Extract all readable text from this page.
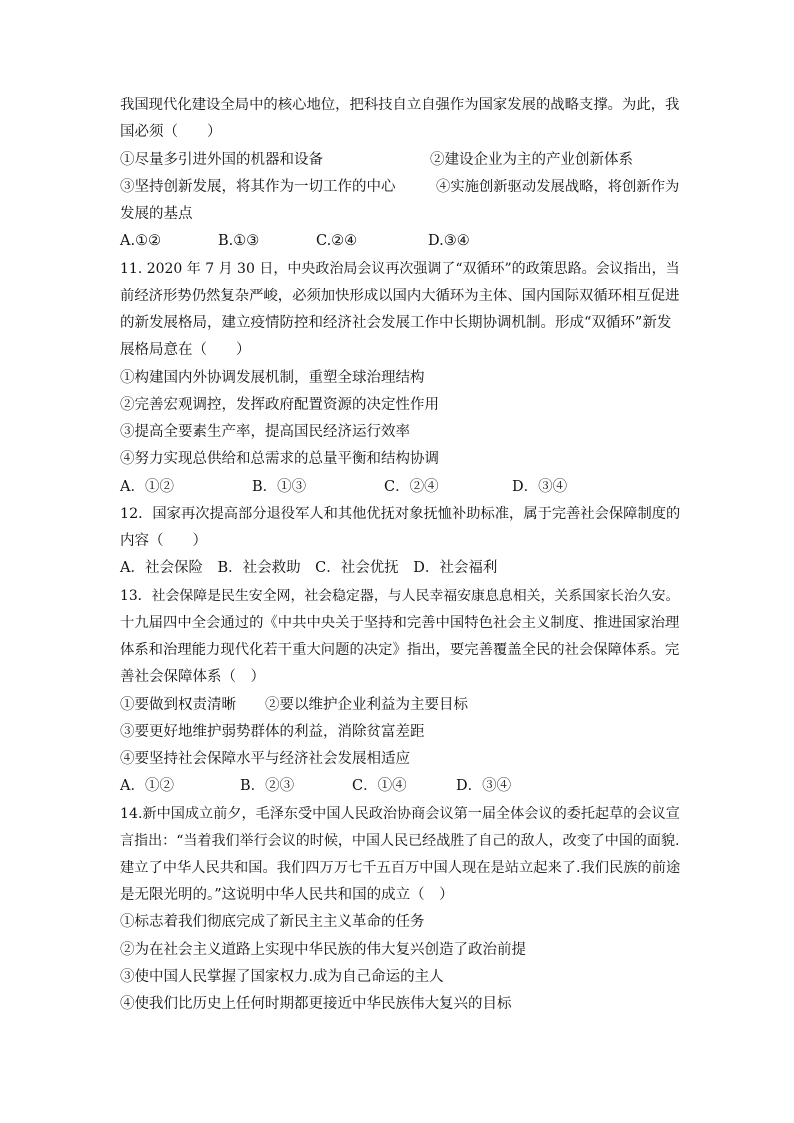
我国现代化建设全局中的核心地位，把科技自立自强作为国家发展的战略支撑。为此，我
国必须（　　）
①尽量多引进外国的机器和设备	②建设企业为主的产业创新体系
③坚持创新发展，将其作为一切工作的中心	④实施创新驱动发展战略，将创新作为
发展的基点
A.①②	B.①③	C.②④	D.③④
11. 2020 年 7 月 30 日，中央政治局会议再次强调了“双循环”的政策思路。会议指出，当
前经济形势仍然复杂严峻，必须加快形成以国内大循环为主体、国内国际双循环相互促进
的新发展格局，建立疫情防控和经济社会发展工作中长期协调机制。形成“双循环”新发
展格局意在（　　）
①构建国内外协调发展机制，重塑全球治理结构
②完善宏观调控，发挥政府配置资源的决定性作用
③提高全要素生产率，提高国民经济运行效率
④努力实现总供给和总需求的总量平衡和结构协调
A．①②	B．①③	C．②④	D．③④
12．国家再次提高部分退役军人和其他优抚对象抚恤补助标准，属于完善社会保障制度的
内容（　　）
A．社会保险　B．社会救助　C．社会优抚　D．社会福利
13．社会保障是民生安全网，社会稳定器，与人民幸福安康息息相关，关系国家长治久安。
十九届四中全会通过的《中共中央关于坚持和完善中国特色社会主义制度、推进国家治理
体系和治理能力现代化若干重大问题的决定》指出，要完善覆盖全民的社会保障体系。完
善社会保障体系（　）
①要做到权责清晰　　②要以维护企业利益为主要目标
③要更好地维护弱势群体的利益，消除贫富差距
④要坚持社会保障水平与经济社会发展相适应
A．①②	B．②③	C．①④	D．③④
14.新中国成立前夕，毛泽东受中国人民政治协商会议第一届全体会议的委托起草的会议宣
言指出：“当着我们举行会议的时候，中国人民已经战胜了自己的敌人，改变了中国的面貌.
建立了中华人民共和国。我们四万万七千五百万中国人现在是站立起来了.我们民族的前途
是无限光明的。”这说明中华人民共和国的成立（　）
①标志着我们彻底完成了新民主主义革命的任务
②为在社会主义道路上实现中华民族的伟大复兴创造了政治前提
③使中国人民掌握了国家权力.成为自己命运的主人
④使我们比历史上任何时期都更接近中华民族伟大复兴的目标
